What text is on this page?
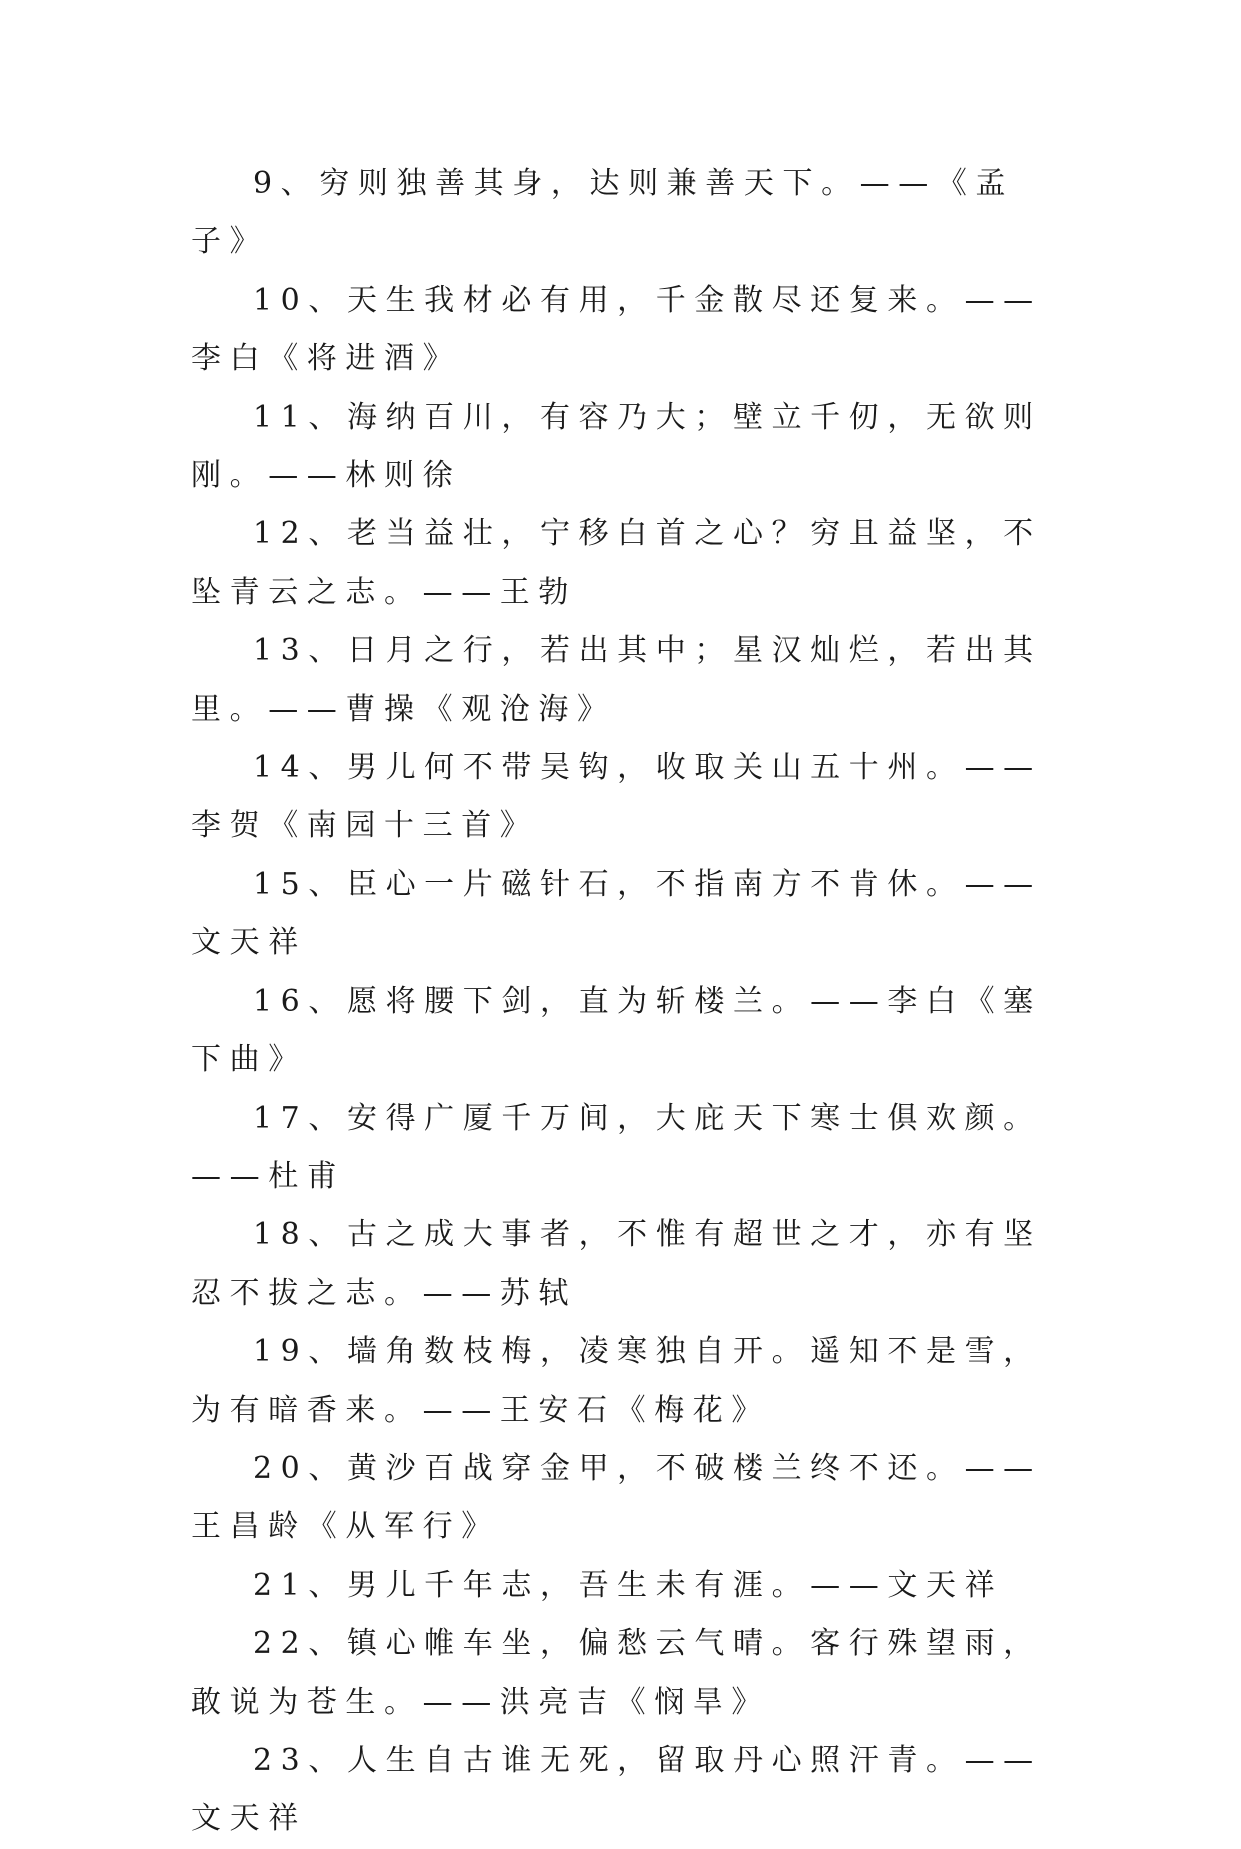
9、穷则独善其身，达则兼善天下。——《孟子》

10、天生我材必有用，千金散尽还复来。——李白《将进酒》

11、海纳百川，有容乃大；壁立千仞，无欲则刚。——林则徐

12、老当益壮，宁移白首之心？穷且益坚，不坠青云之志。——王勃

13、日月之行，若出其中；星汉灿烂，若出其里。——曹操《观沧海》

14、男儿何不带吴钩，收取关山五十州。——李贺《南园十三首》

15、臣心一片磁针石，不指南方不肯休。——文天祥

16、愿将腰下剑，直为斩楼兰。——李白《塞下曲》

17、安得广厦千万间，大庇天下寒士俱欢颜。——杜甫

18、古之成大事者，不惟有超世之才，亦有坚忍不拔之志。——苏轼

19、墙角数枝梅，凌寒独自开。遥知不是雪，为有暗香来。——王安石《梅花》

20、黄沙百战穿金甲，不破楼兰终不还。——王昌龄《从军行》

21、男儿千年志，吾生未有涯。——文天祥

22、镇心帷车坐，偏愁云气晴。客行殊望雨，敢说为苍生。——洪亮吉《悯旱》

23、人生自古谁无死，留取丹心照汗青。——文天祥
